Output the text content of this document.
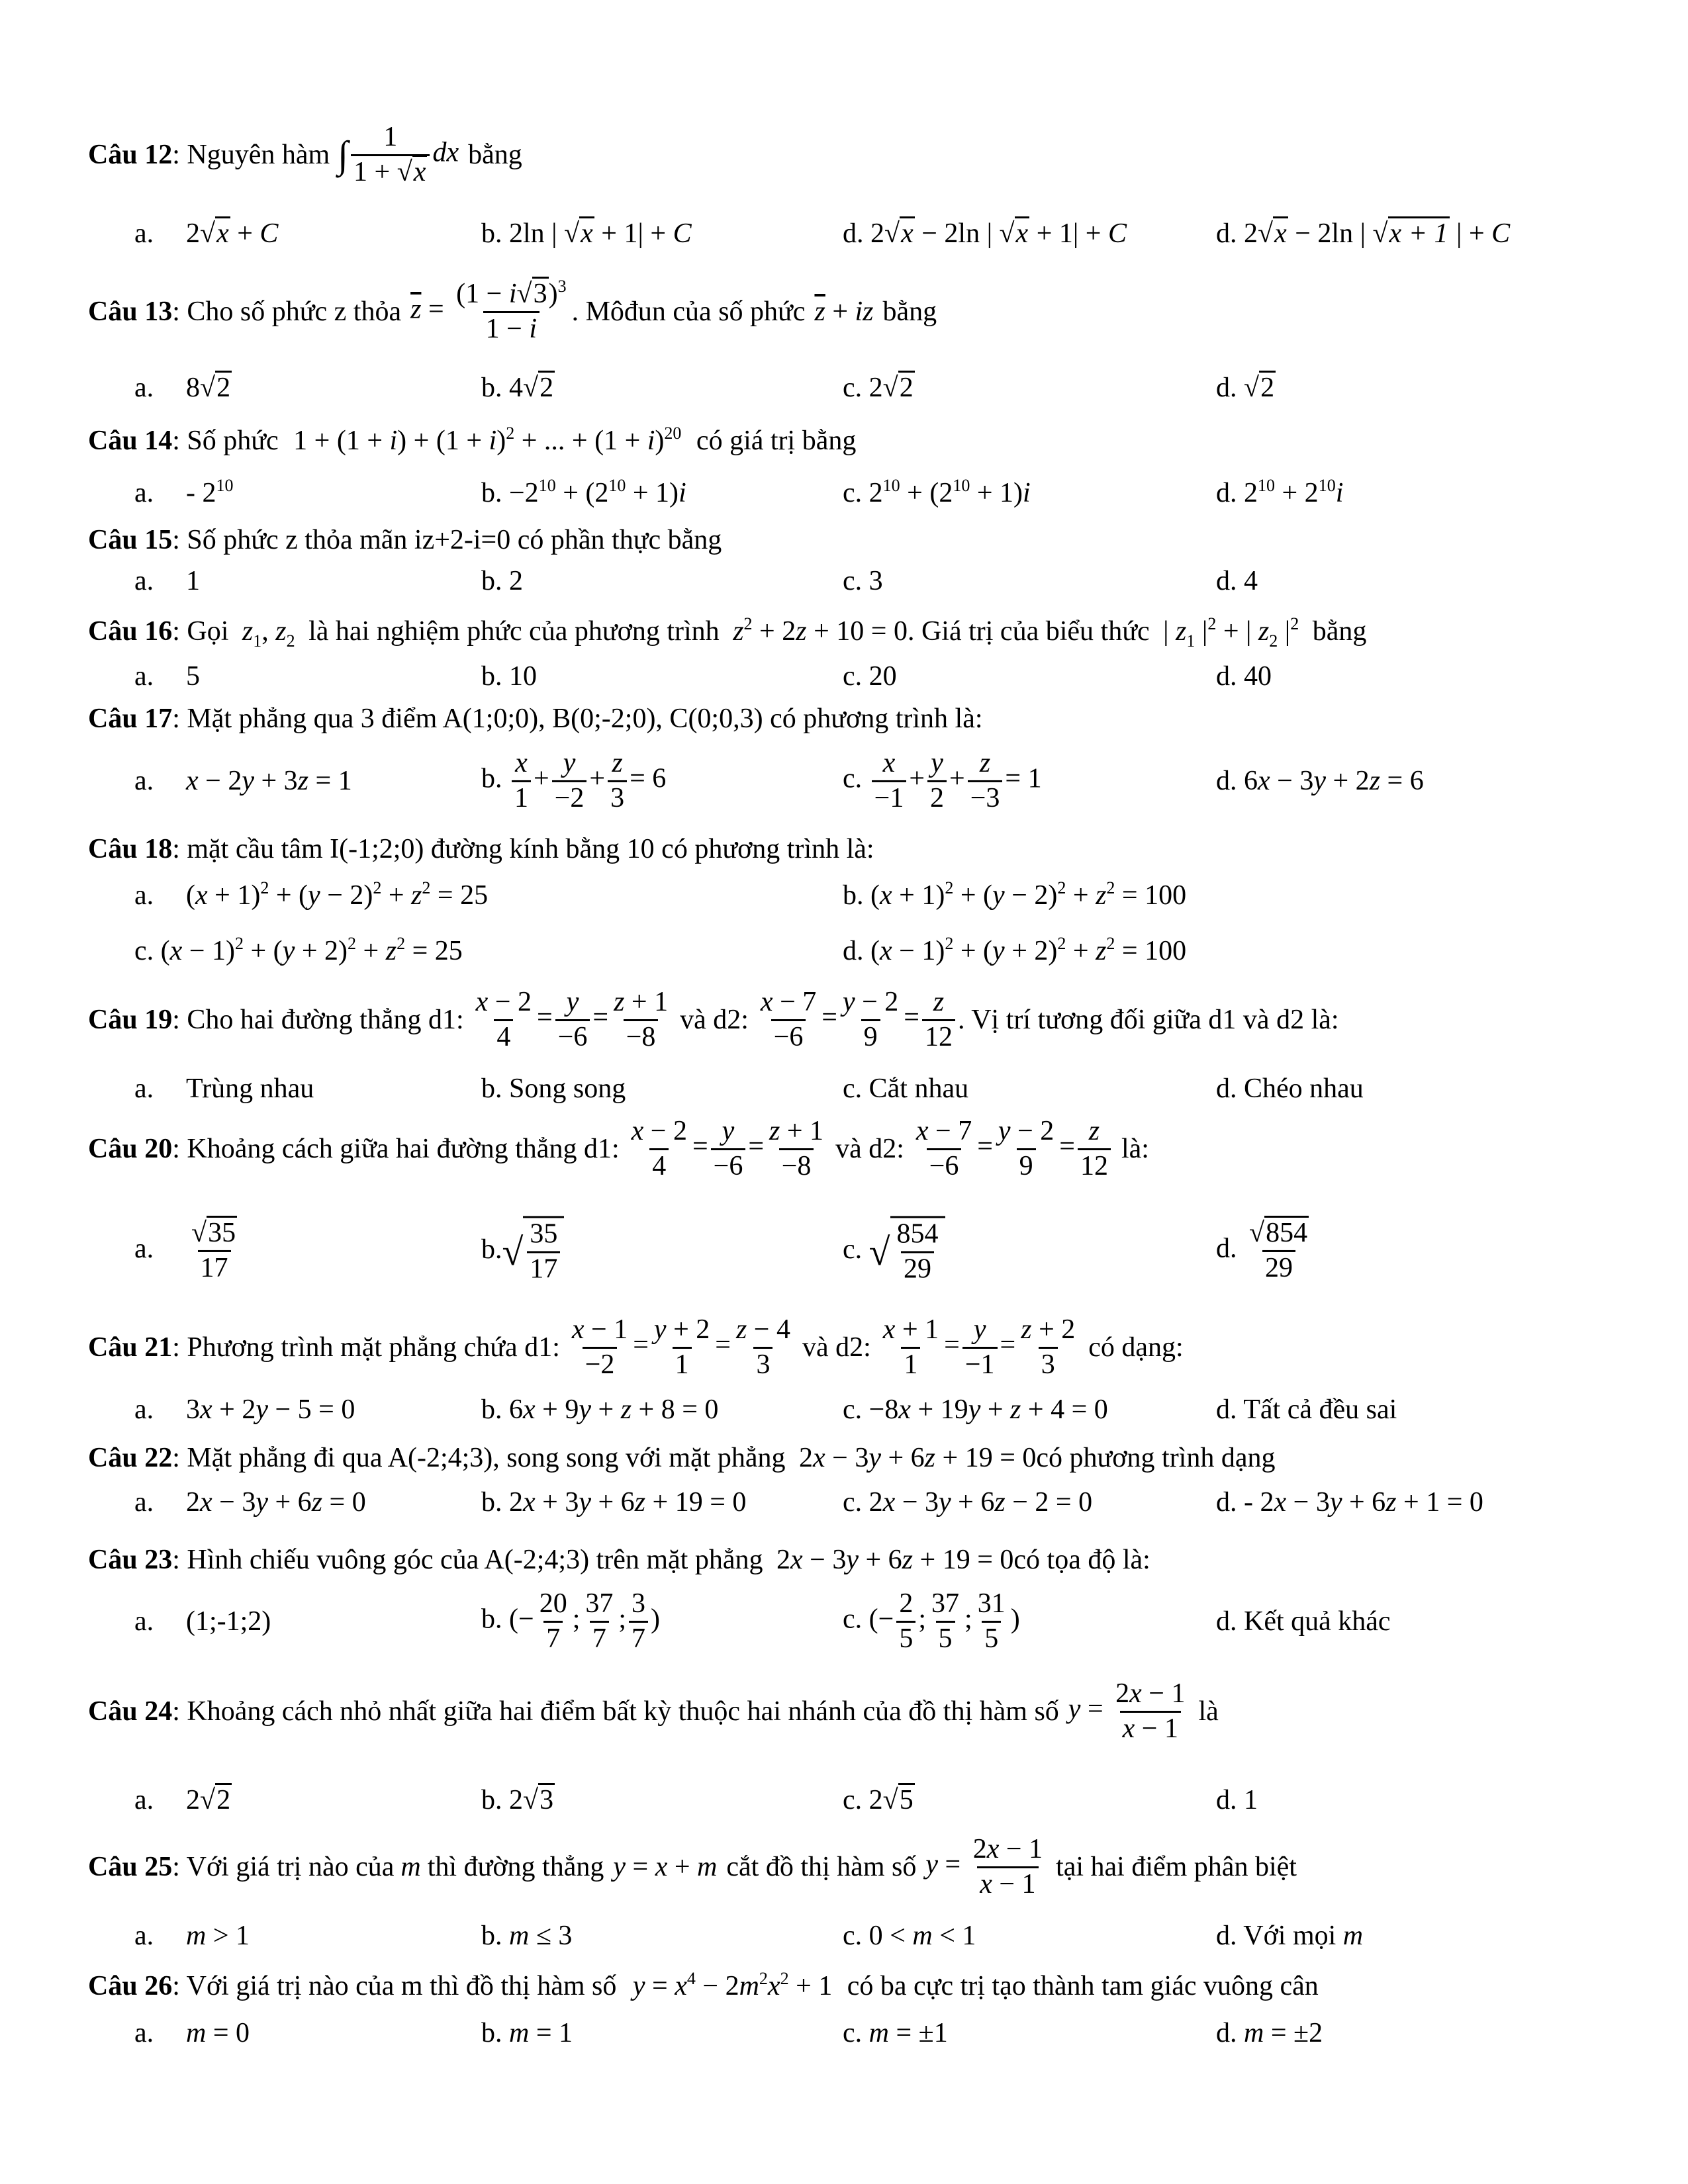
Câu 12 : Nguyên hàm ∫ $\frac{1}{1 + √x}$ dx bằng
a. 2√x + C	b. 2ln | √x + 1| + C	d. 2√x − 2ln | √x + 1| + C	d. 2√x − 2ln | √x + 1 | + C
Câu 13 : Cho số phức z thỏa $\overline{z} = \frac{(1 - i√3)^3}{1 - i}$ . Môđun của số phức $\overline{z}$ + iz bằng
a. 8√2	b. 4√2	c. 2√2	d. √2
Câu 14: Số phức $1 + (1 + i) + (1 + i)^2$ + ... + $(1 + i)^{20}$ có giá trị bằng
a. - $2^{10}$	b. $-2^{10} + (2^{10} + 1)i$	c. $2^{10} + (2^{10} + 1)i$	d. $2^{10} + 2^{10}i$
Câu 15: Số phức z thỏa mãn iz+2-i=0 có phần thực bằng
a. 1	b. 2	c. 3	d. 4
Câu 16: Gọi $z_1$, $z_2$ là hai nghiệm phức của phương trình $z^2 + 2z + 10 = 0$. Giá trị của biểu thức | $z_1$ $|^2$ + | $z_2$ $|^2$ bằng
a. 5	b. 10	c. 20	d. 40
Câu 17: Mặt phẳng qua 3 điểm A(1;0;0), B(0;-2;0), C(0;0,3) có phương trình là:
a. x − 2y + 3z = 1	b. $\frac{x}{1} + \frac{y}{-2} + \frac{z}{3} = 6$	c. $\frac{x}{-1} + \frac{y}{2} + \frac{z}{-3} = 1$	d. 6x − 3y + 2z = 6
Câu 18: mặt cầu tâm I(-1;2;0) đường kính bằng 10 có phương trình là:
a. $(x + 1)^2 + (y - 2)^2 + z^2 = 25$	b. $(x + 1)^2 + (y - 2)^2 + z^2 = 100$
c. $(x - 1)^2 + (y + 2)^2 + z^2 = 25$	d. $(x - 1)^2 + (y + 2)^2 + z^2 = 100$
Câu 19 : Cho hai đường thẳng d1: $\frac{x - 2}{4} = \frac{y}{-6} = \frac{z + 1}{-8}$ và d2: $\frac{x - 7}{-6} = \frac{y - 2}{9} = \frac{z}{12}$ . Vị trí tương đối giữa d1 và d2 là:
a. Trùng nhau	b. Song song	c. Cắt nhau	d. Chéo nhau
Câu 20 : Khoảng cách giữa hai đường thẳng d1: $\frac{x - 2}{4} = \frac{y}{-6} = \frac{z + 1}{-8}$ và d2: $\frac{x - 7}{-6} = \frac{y - 2}{9} = \frac{z}{12}$ là:
a. $\frac{√35}{17}$	$b.√ \frac{35}{17}$	c. √ $\frac{854}{29}$	d. $\frac{√854}{29}$
Câu 21 : Phương trình mặt phẳng chứa d1: $\frac{x - 1}{-2} = \frac{y + 2}{1} = \frac{z - 4}{3}$ và d2: $\frac{x + 1}{1} = \frac{y}{-1} = \frac{z + 2}{3}$ có dạng:
a. 3x + 2y − 5 = 0	b. 6x + 9y + z + 8 = 0	c. −8x + 19y + z + 4 = 0	d. Tất cả đều sai
Câu 22: Mặt phẳng đi qua A(-2;4;3), song song với mặt phẳng 2x − 3y + 6z + 19 = 0có phương trình dạng
a. 2x − 3y + 6z = 0	b. 2x + 3y + 6z + 19 = 0	c. 2x − 3y + 6z − 2 = 0	d. - 2x − 3y + 6z + 1 = 0
Câu 23: Hình chiếu vuông góc của A(-2;4;3) trên mặt phẳng 2x − 3y + 6z + 19 = 0có tọa độ là:
a. (1;-1;2)	b. (− $\frac{20}{7}$ ; $\frac{37}{7}$ ; $\frac{3}{7}$ )	c. (− $\frac{2}{5}$ ; $\frac{37}{5}$ ; $\frac{31}{5}$ )	d. Kết quả khác
Câu 24 : Khoảng cách nhỏ nhất giữa hai điểm bất kỳ thuộc hai nhánh của đồ thị hàm số $y = \frac{2x - 1}{x - 1}$ là
a. 2√2	b. 2√3	c. 2√5	d. 1
Câu 25 : Với giá trị nào của m thì đường thẳng y = x + m cắt đồ thị hàm số $y = \frac{2x - 1}{x - 1}$ tại hai điểm phân biệt
a. m > 1	b. m ≤ 3	c. 0 < m < 1	d. Với mọi m
Câu 26: Với giá trị nào của m thì đồ thị hàm số $y = x^4 - 2m^2x^2 + 1$ có ba cực trị tạo thành tam giác vuông cân
a. m = 0	b. m = 1	c. m = ±1	d. m = ±2
